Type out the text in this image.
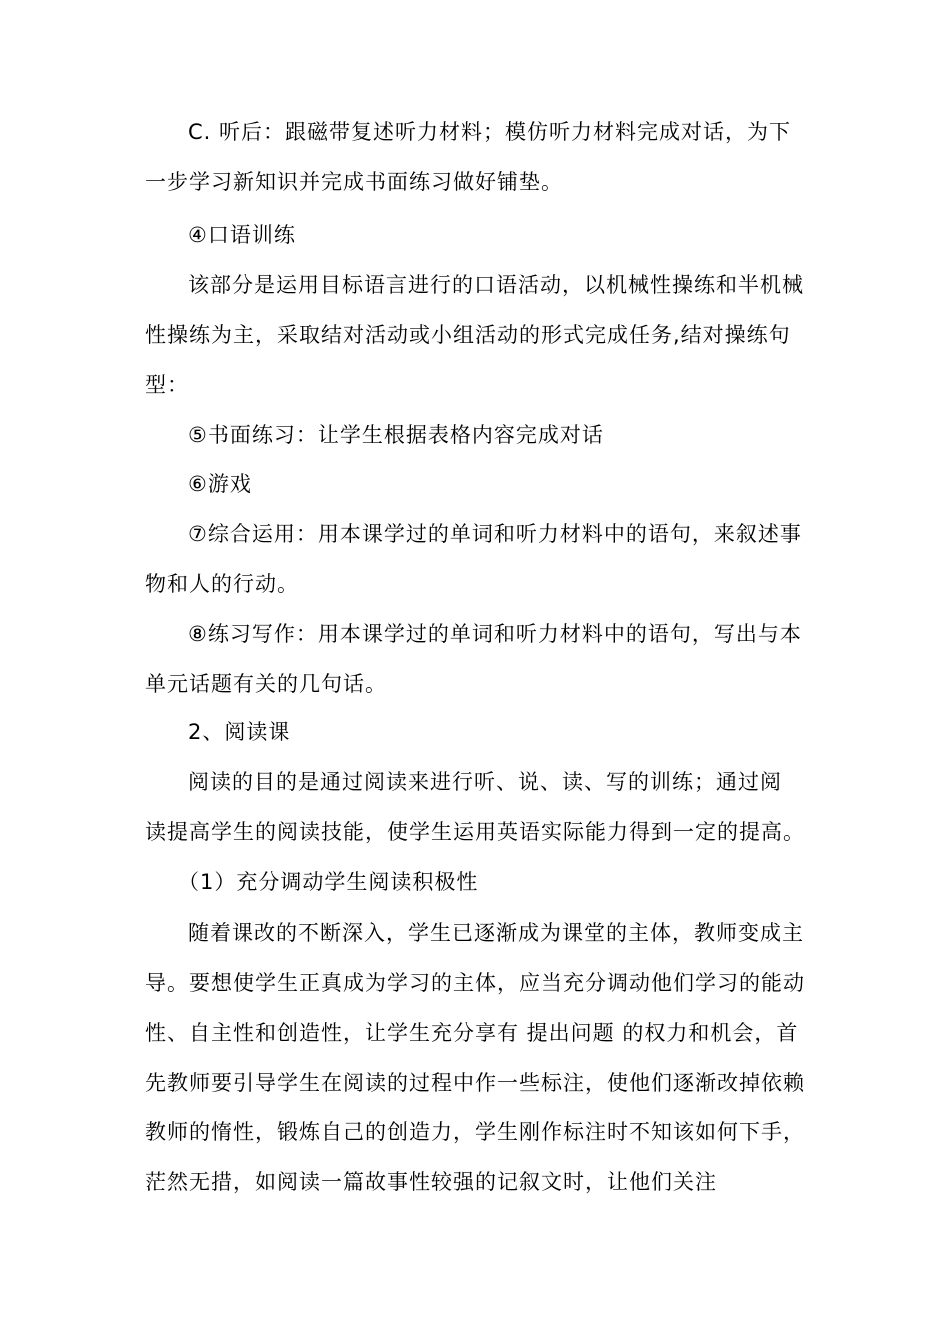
C. 听后：跟磁带复述听力材料；模仿听力材料完成对话，为下
一步学习新知识并完成书面练习做好铺垫。
④口语训练
该部分是运用目标语言进行的口语活动，以机械性操练和半机械
性操练为主，采取结对活动或小组活动的形式完成任务,结对操练句
型：
⑤书面练习：让学生根据表格内容完成对话
⑥游戏
⑦综合运用：用本课学过的单词和听力材料中的语句，来叙述事
物和人的行动。
⑧练习写作：用本课学过的单词和听力材料中的语句，写出与本
单元话题有关的几句话。
2、阅读课
阅读的目的是通过阅读来进行听、说、读、写的训练；通过阅
读提高学生的阅读技能，使学生运用英语实际能力得到一定的提高。
（1）充分调动学生阅读积极性
随着课改的不断深入，学生已逐渐成为课堂的主体，教师变成主
导。要想使学生正真成为学习的主体，应当充分调动他们学习的能动
性、自主性和创造性，让学生充分享有 提出问题 的权力和机会，首
先教师要引导学生在阅读的过程中作一些标注，使他们逐渐改掉依赖
教师的惰性，锻炼自己的创造力，学生刚作标注时不知该如何下手，
茫然无措，如阅读一篇故事性较强的记叙文时，让他们关注
